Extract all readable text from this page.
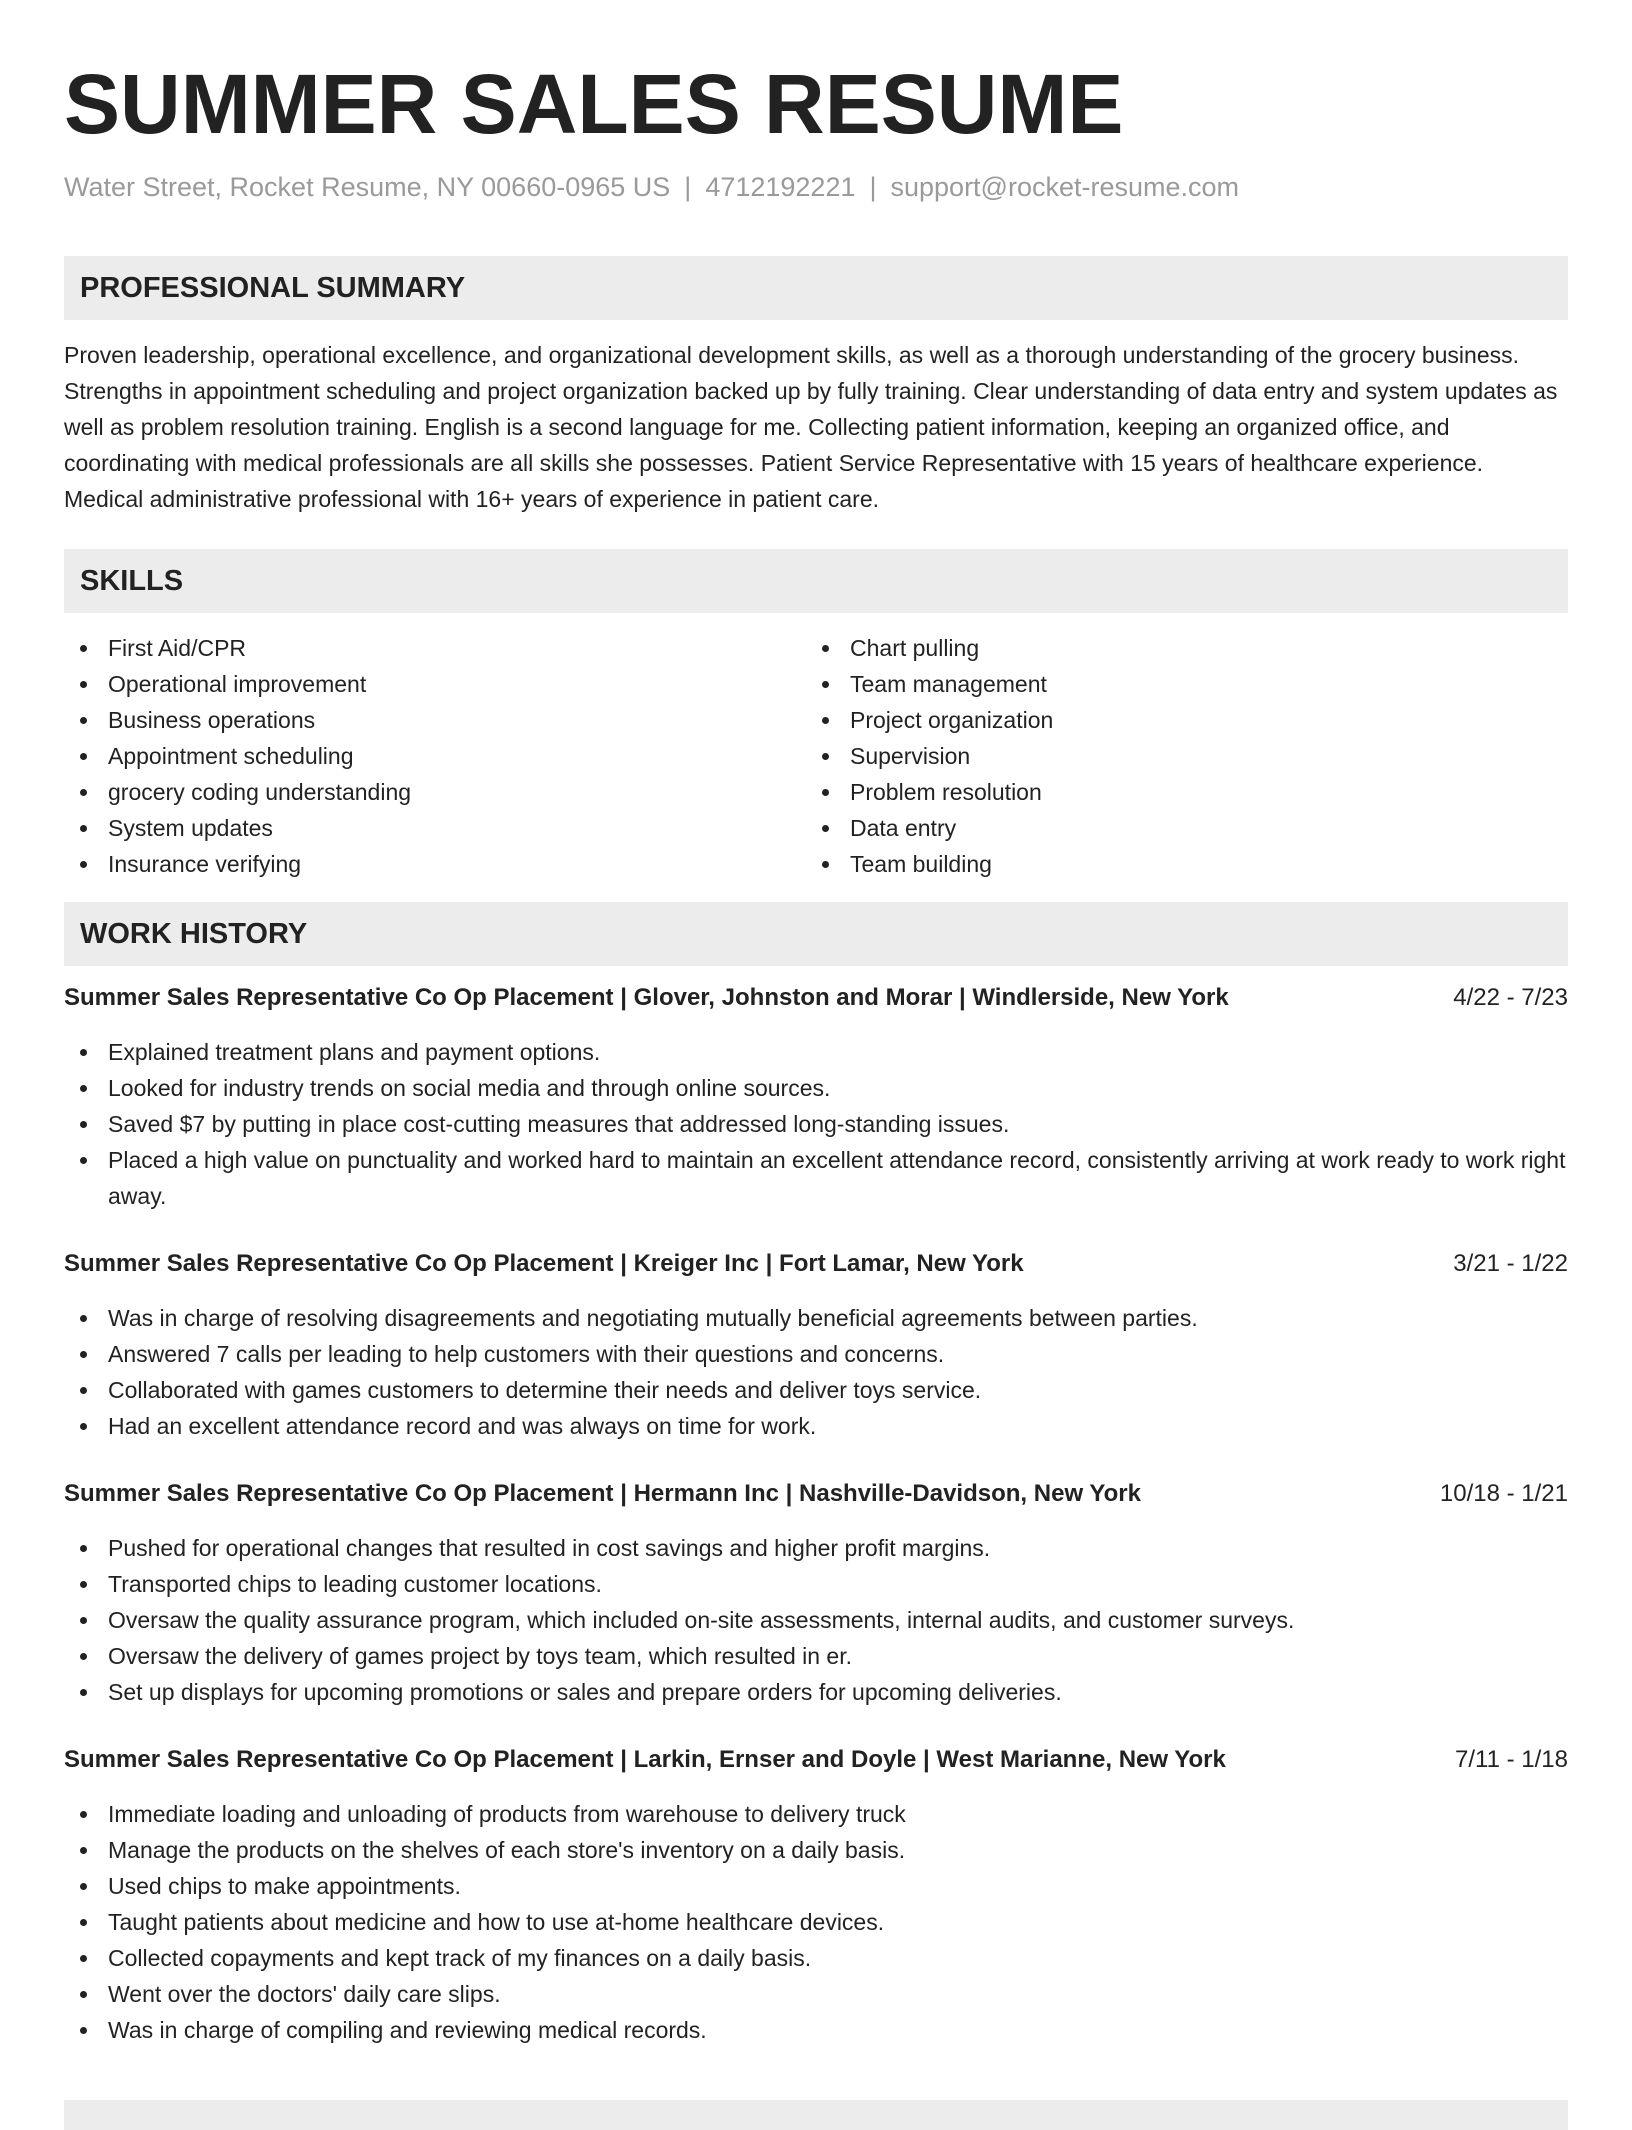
SUMMER SALES RESUME
Water Street, Rocket Resume, NY 00660-0965 US | 4712192221 | support@rocket-resume.com
PROFESSIONAL SUMMARY

Proven leadership, operational excellence, and organizational development skills, as well as a thorough understanding of the grocery business. Strengths in appointment scheduling and project organization backed up by fully training. Clear understanding of data entry and system updates as well as problem resolution training. English is a second language for me. Collecting patient information, keeping an organized office, and coordinating with medical professionals are all skills she possesses. Patient Service Representative with 15 years of healthcare experience. Medical administrative professional with 16+ years of experience in patient care.

SKILLS
First Aid/CPR
Operational improvement
Business operations
Appointment scheduling
grocery coding understanding
System updates
Insurance verifying
Chart pulling
Team management
Project organization
Supervision
Problem resolution
Data entry
Team building
WORK HISTORY
Summer Sales Representative Co Op Placement | Glover, Johnston and Morar | Windlerside, New York	4/22 - 7/23
Explained treatment plans and payment options.
Looked for industry trends on social media and through online sources.
Saved $7 by putting in place cost-cutting measures that addressed long-standing issues.
Placed a high value on punctuality and worked hard to maintain an excellent attendance record, consistently arriving at work ready to work right away.
Summer Sales Representative Co Op Placement | Kreiger Inc | Fort Lamar, New York	3/21 - 1/22
Was in charge of resolving disagreements and negotiating mutually beneficial agreements between parties.
Answered 7 calls per leading to help customers with their questions and concerns.
Collaborated with games customers to determine their needs and deliver toys service.
Had an excellent attendance record and was always on time for work.
Summer Sales Representative Co Op Placement | Hermann Inc | Nashville-Davidson, New York	10/18 - 1/21
Pushed for operational changes that resulted in cost savings and higher profit margins.
Transported chips to leading customer locations.
Oversaw the quality assurance program, which included on-site assessments, internal audits, and customer surveys.
Oversaw the delivery of games project by toys team, which resulted in er.
Set up displays for upcoming promotions or sales and prepare orders for upcoming deliveries.
Summer Sales Representative Co Op Placement | Larkin, Ernser and Doyle | West Marianne, New York	7/11 - 1/18
Immediate loading and unloading of products from warehouse to delivery truck
Manage the products on the shelves of each store's inventory on a daily basis.
Used chips to make appointments.
Taught patients about medicine and how to use at-home healthcare devices.
Collected copayments and kept track of my finances on a daily basis.
Went over the doctors' daily care slips.
Was in charge of compiling and reviewing medical records.
